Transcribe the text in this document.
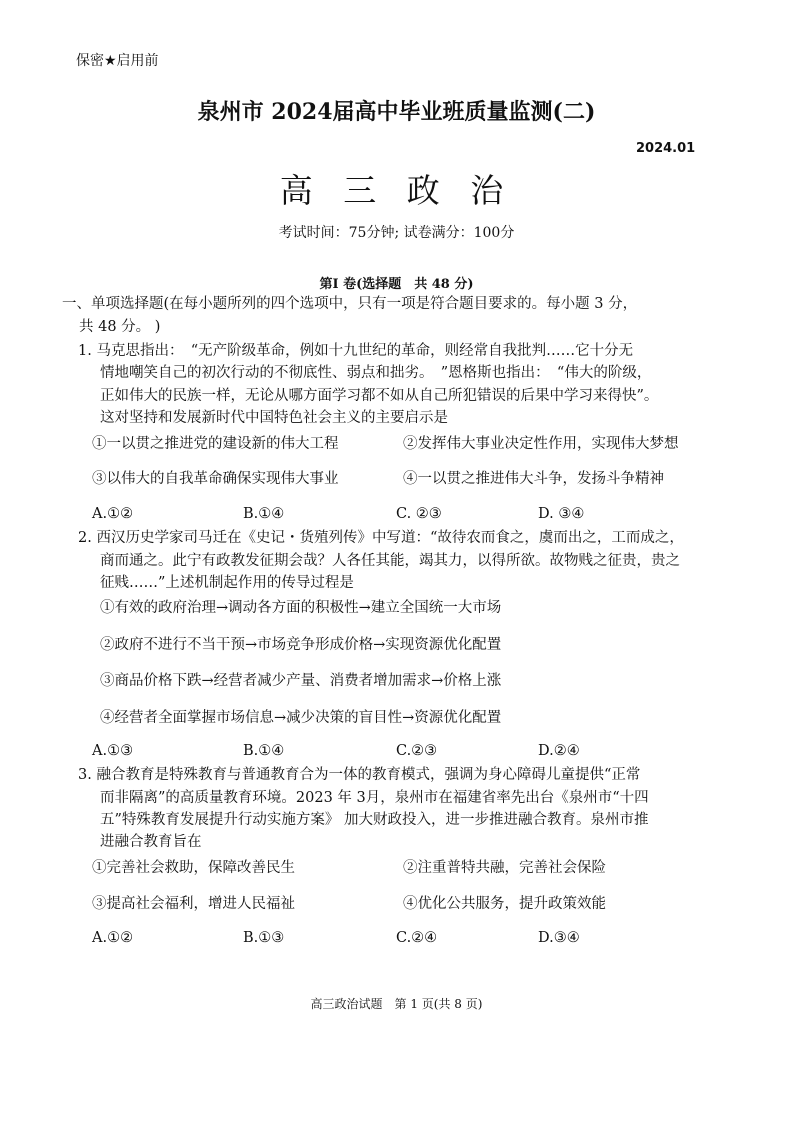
保密★启用前
泉州市 2024届高中毕业班质量监测(二)
2024.01
高 三 政 治
考试时间：75分钟; 试卷满分：100分
第Ⅰ 卷(选择题　共 48 分)
一、单项选择题(在每小题所列的四个选项中，只有一项是符合题目要求的。每小题 3 分，
共 48 分。 )
1. 马克思指出：　“无产阶级革命，例如十九世纪的革命，则经常自我批判……它十分无
情地嘲笑自己的初次行动的不彻底性、弱点和拙劣。　”恩格斯也指出：　“伟大的阶级，
正如伟大的民族一样，无论从哪方面学习都不如从自己所犯错误的后果中学习来得快”。
这对坚持和发展新时代中国特色社会主义的主要启示是
①一以贯之推进党的建设新的伟大工程	②发挥伟大事业决定性作用，实现伟大梦想
③以伟大的自我革命确保实现伟大事业	④一以贯之推进伟大斗争，发扬斗争精神
A.①②	B.①④	C. ②③	D. ③④
2. 西汉历史学家司马迁在《史记・货殖列传》中写道：“故待农而食之，虞而出之，工而成之，
商而通之。此宁有政教发征期会哉？人各任其能，竭其力，以得所欲。故物贱之征贵，贵之
征贱……”上述机制起作用的传导过程是
①有效的政府治理→调动各方面的积极性→建立全国统一大市场
②政府不进行不当干预→市场竞争形成价格→实现资源优化配置
③商品价格下跌→经营者减少产量、消费者增加需求→价格上涨
④经营者全面掌握市场信息→减少决策的盲目性→资源优化配置
A.①③	B.①④	C.②③	D.②④
3. 融合教育是特殊教育与普通教育合为一体的教育模式，强调为身心障碍儿童提供“正常
而非隔离”的高质量教育环境。2023 年 3月，泉州市在福建省率先出台《泉州市“十四
五”特殊教育发展提升行动实施方案》 加大财政投入，进一步推进融合教育。泉州市推
进融合教育旨在
①完善社会救助，保障改善民生	②注重普特共融，完善社会保险
③提高社会福利，增进人民福祉	④优化公共服务，提升政策效能
A.①②	B.①③	C.②④	D.③④
高三政治试题　第 1 页(共 8 页)
